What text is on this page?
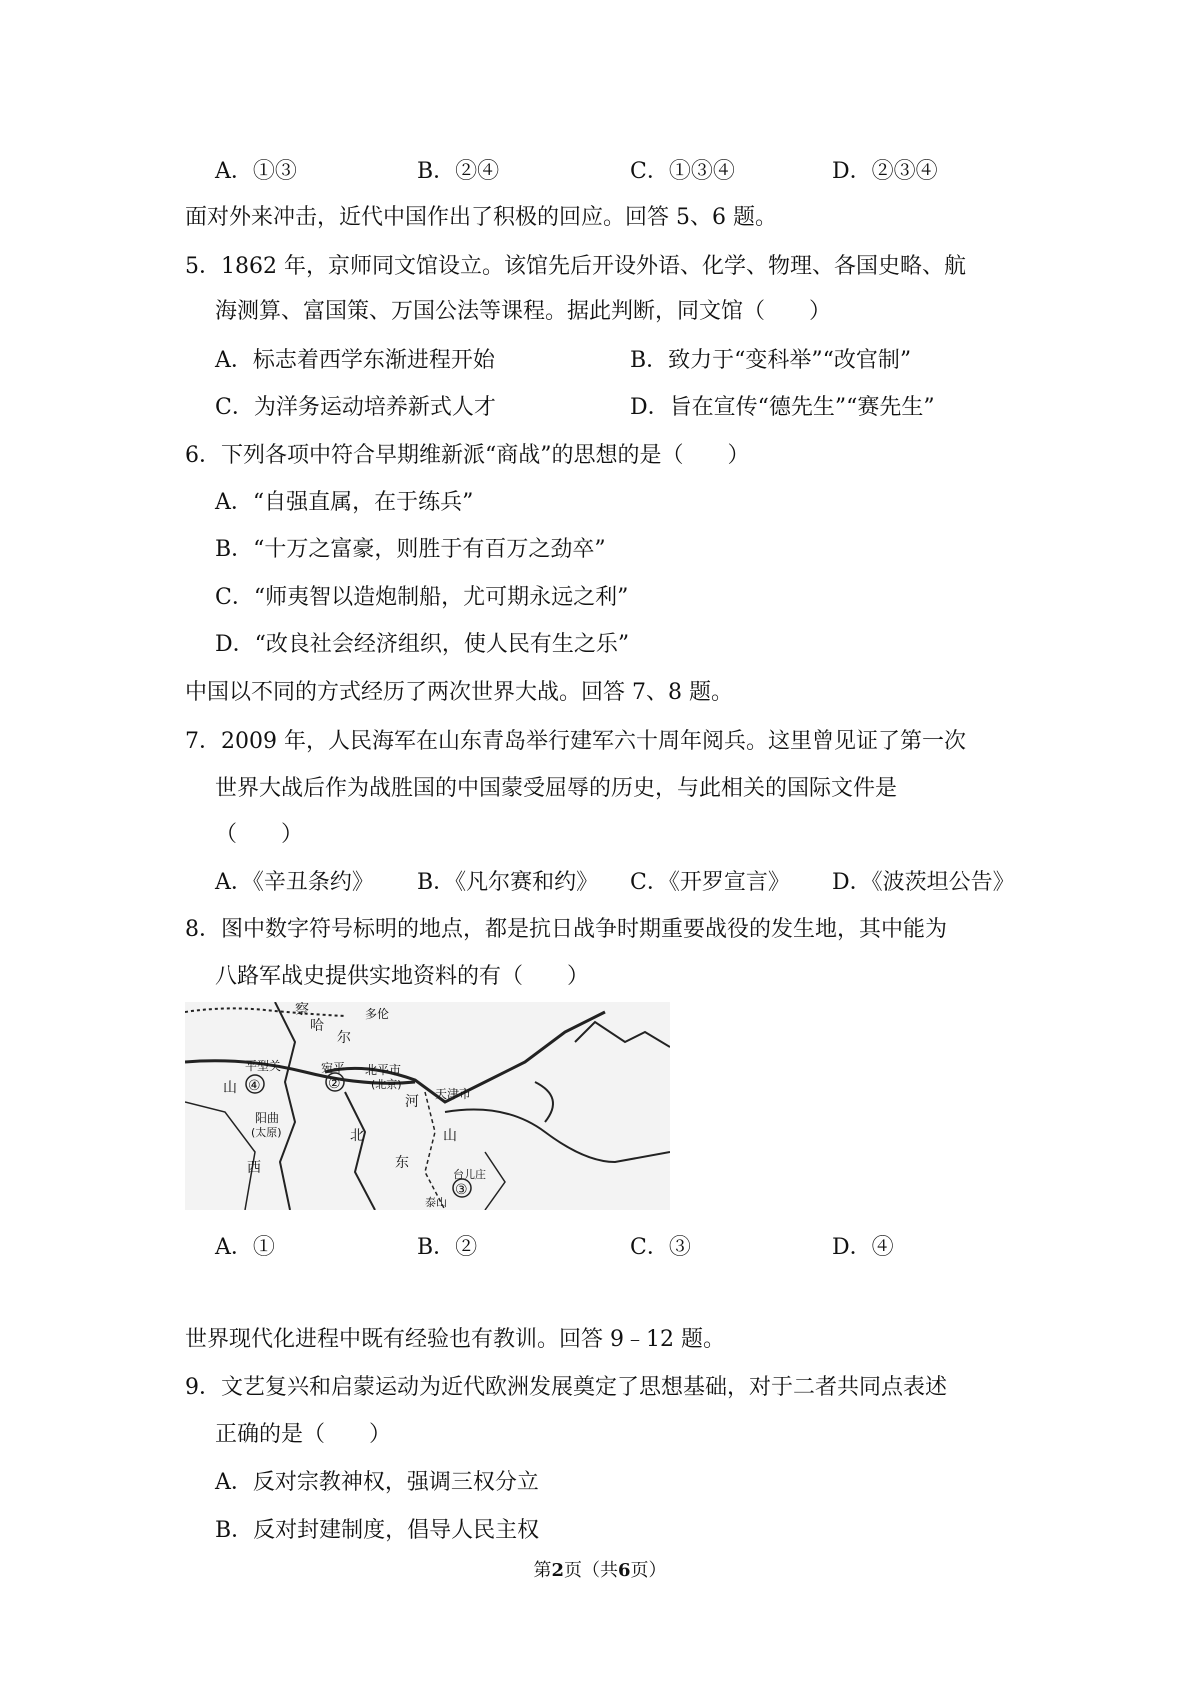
A．①③	B．②④	C．①③④	D．②③④
面对外来冲击，近代中国作出了积极的回应。回答 5、6 题。
5．1862 年，京师同文馆设立。该馆先后开设外语、化学、物理、各国史略、航
海测算、富国策、万国公法等课程。据此判断，同文馆（　　）
A．标志着西学东渐进程开始	B．致力于“变科举”“改官制”
C．为洋务运动培养新式人才	D．旨在宣传“德先生”“赛先生”
6．下列各项中符合早期维新派“商战”的思想的是（　　）
A．“自强直属，在于练兵”
B．“十万之富豪，则胜于有百万之劲卒”
C．“师夷智以造炮制船，尤可期永远之利”
D．“改良社会经济组织，使人民有生之乐”
中国以不同的方式经历了两次世界大战。回答 7、8 题。
7．2009 年，人民海军在山东青岛举行建军六十周年阅兵。这里曾见证了第一次
世界大战后作为战胜国的中国蒙受屈辱的历史，与此相关的国际文件是
（　　）
A．《辛丑条约》 B．《凡尔赛和约》 C．《开罗宣言》 D．《波茨坦公告》
8．图中数字符号标明的地点，都是抗日战争时期重要战役的发生地，其中能为
八路军战史提供实地资料的有（　　）
察
哈
尔
多伦
平型关
④
宛平
②
北平市
(北京)
天津市
山
河
阳曲
(太原)
西
北
东
山
台儿庄
③
泰山
A．①	B．②	C．③	D．④
世界现代化进程中既有经验也有教训。回答 9﹣12 题。
9．文艺复兴和启蒙运动为近代欧洲发展奠定了思想基础，对于二者共同点表述
正确的是（　　）
A．反对宗教神权，强调三权分立
B．反对封建制度，倡导人民主权
第2页（共6页）
